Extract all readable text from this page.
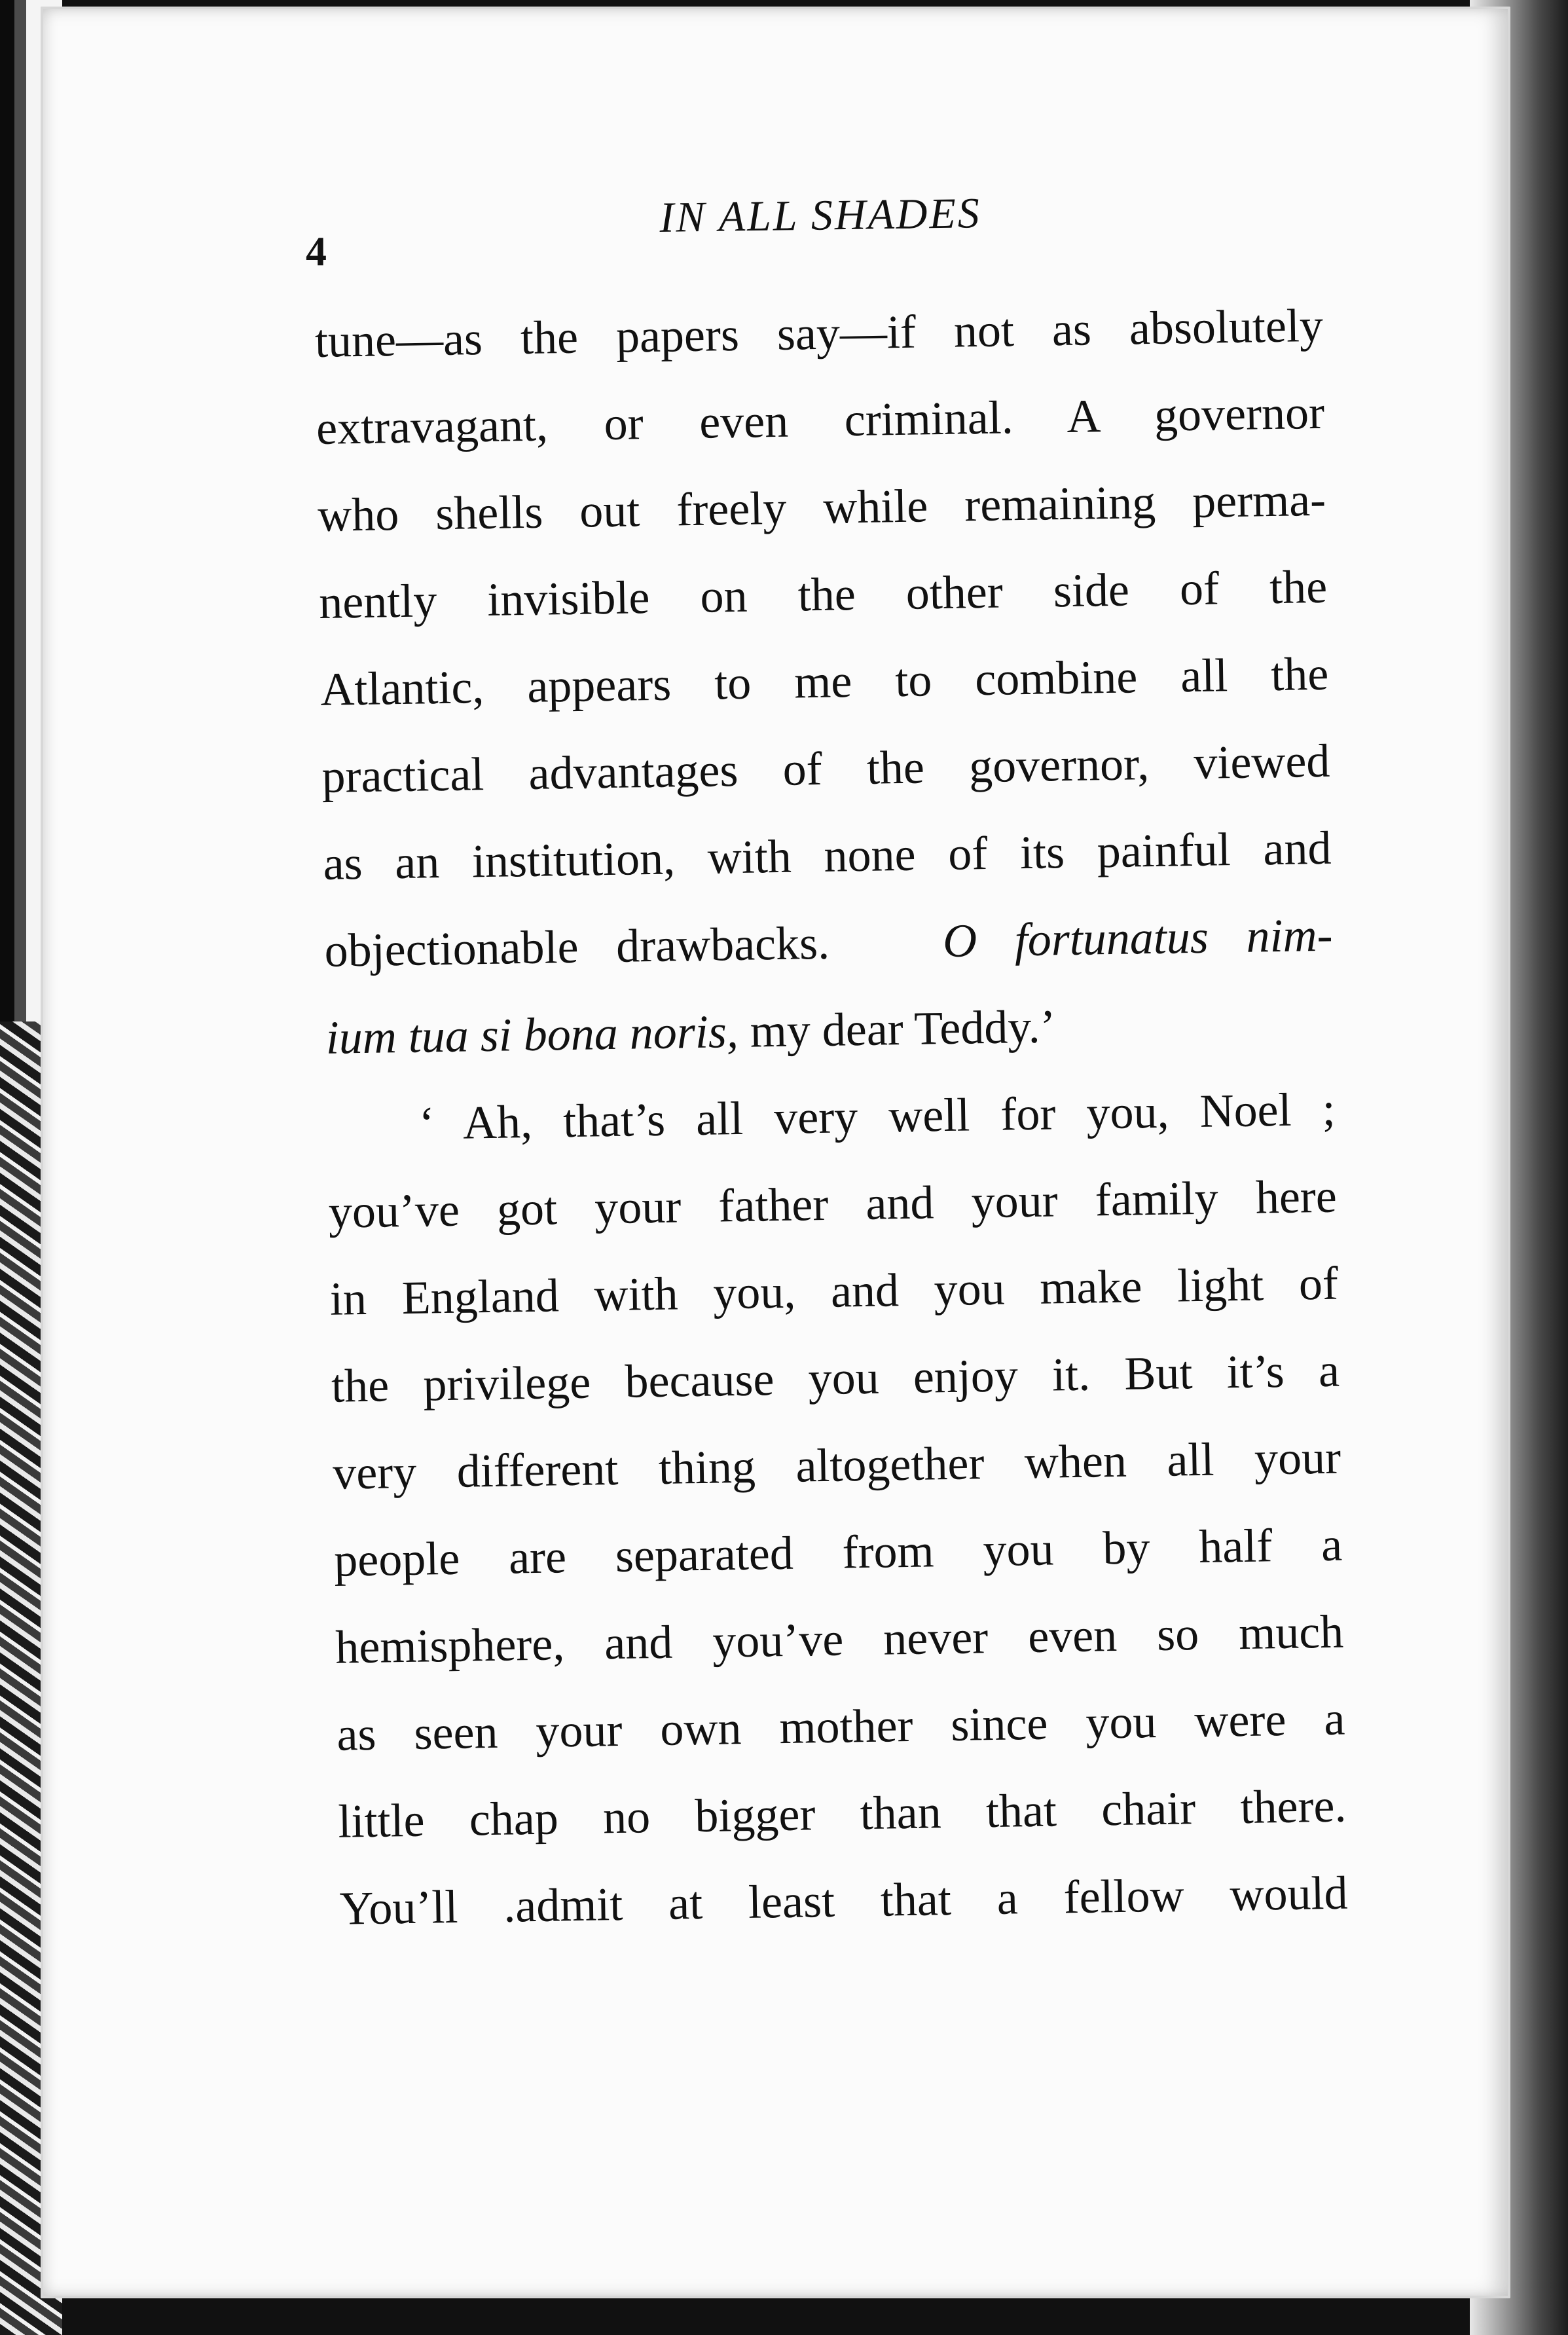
4
IN ALL SHADES
tune—as the papers say—if not as absolutely
extravagant, or even criminal. A governor
who shells out freely while remaining perma-
nently invisible on the other side of the
Atlantic, appears to me to combine all the
practical advantages of the governor, viewed
as an institution, with none of its painful and
objectionable drawbacks. O fortunatus nim-
ium tua si bona noris, my dear Teddy.’
‘ Ah, that’s all very well for you, Noel ;
you’ve got your father and your family here
in England with you, and you make light of
the privilege because you enjoy it. But it’s a
very different thing altogether when all your
people are separated from you by half a
hemisphere, and you’ve never even so much
as seen your own mother since you were a
little chap no bigger than that chair there.
You’ll .admit at least that a fellow would
